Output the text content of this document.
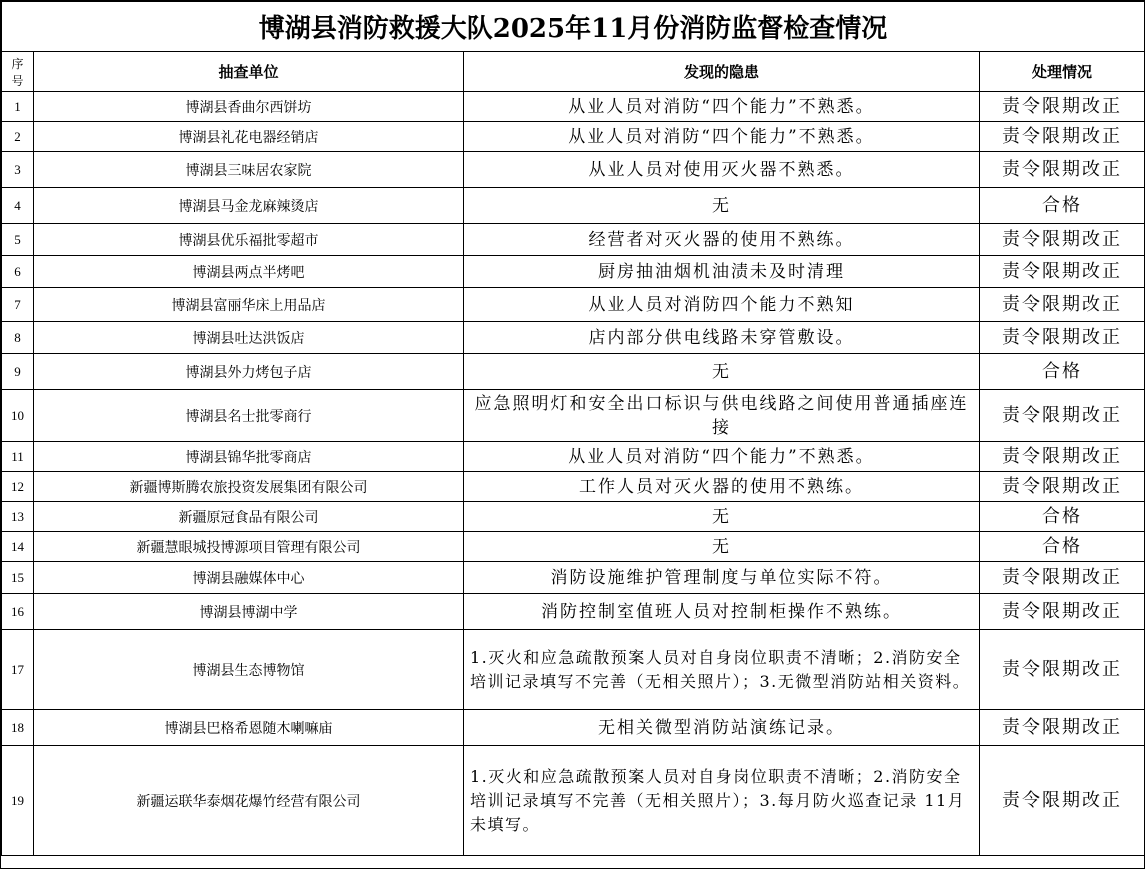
博湖县消防救援大队2025年11月份消防监督检查情况			
序号	抽查单位	发现的隐患	处理情况
1	博湖县香曲尔西饼坊	从业人员对消防“四个能力”不熟悉。	责令限期改正
2	博湖县礼花电器经销店	从业人员对消防“四个能力”不熟悉。	责令限期改正
3	博湖县三味居农家院	从业人员对使用灭火器不熟悉。	责令限期改正
4	博湖县马金龙麻辣烫店	无	合格
5	博湖县优乐福批零超市	经营者对灭火器的使用不熟练。	责令限期改正
6	博湖县两点半烤吧	厨房抽油烟机油渍未及时清理	责令限期改正
7	博湖县富丽华床上用品店	从业人员对消防四个能力不熟知	责令限期改正
8	博湖县吐达洪饭店	店内部分供电线路未穿管敷设。	责令限期改正
9	博湖县外力烤包子店	无	合格
10	博湖县名士批零商行	应急照明灯和安全出口标识与供电线路之间使用普通插座连接	责令限期改正
11	博湖县锦华批零商店	从业人员对消防“四个能力”不熟悉。	责令限期改正
12	新疆博斯腾农旅投资发展集团有限公司	工作人员对灭火器的使用不熟练。	责令限期改正
13	新疆原冠食品有限公司	无	合格
14	新疆慧眼城投博源项目管理有限公司	无	合格
15	博湖县融媒体中心	消防设施维护管理制度与单位实际不符。	责令限期改正
16	博湖县博湖中学	消防控制室值班人员对控制柜操作不熟练。	责令限期改正
17	博湖县生态博物馆	1.灭火和应急疏散预案人员对自身岗位职责不清晰；2.消防安全培训记录填写不完善（无相关照片）；3.无微型消防站相关资料。	责令限期改正
18	博湖县巴格希恩随木喇嘛庙	无相关微型消防站演练记录。	责令限期改正
19	新疆运联华泰烟花爆竹经营有限公司	1.灭火和应急疏散预案人员对自身岗位职责不清晰；2.消防安全培训记录填写不完善（无相关照片）；3.每月防火巡查记录 11月未填写。	责令限期改正
